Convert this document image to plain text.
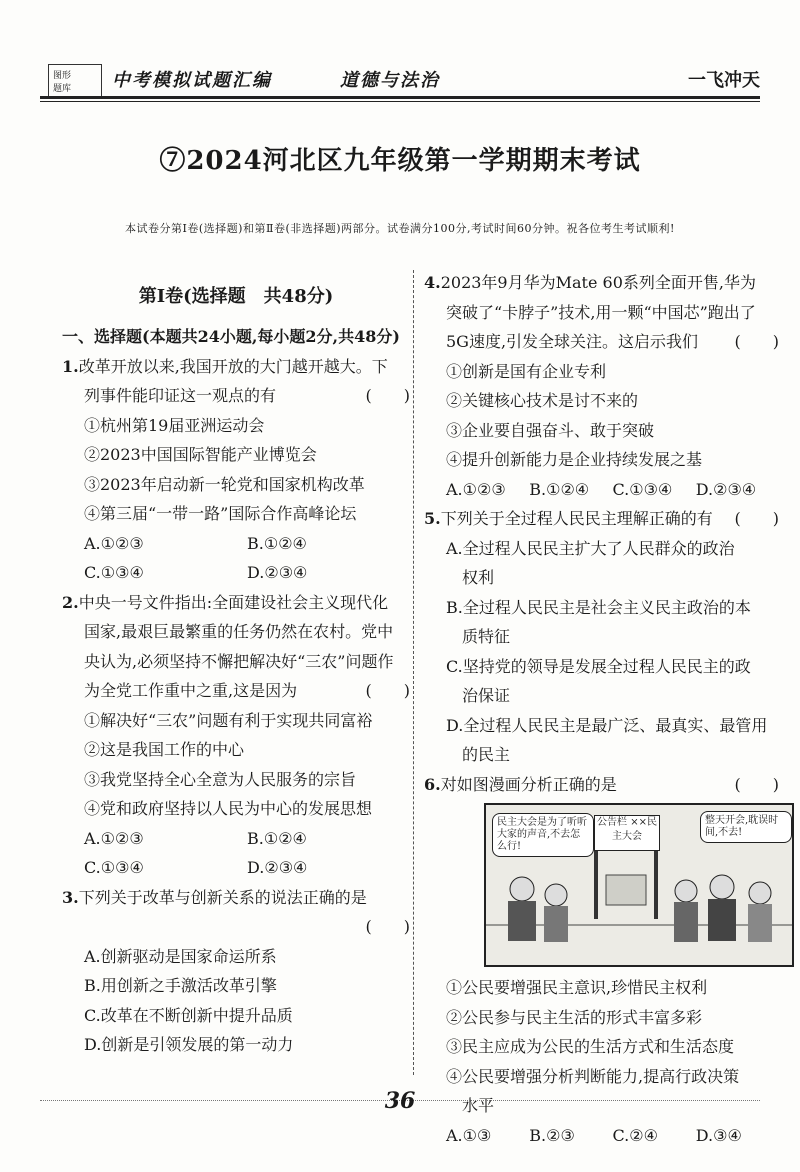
图形
题库 中考模拟试题汇编	道德与法治	一飞冲天
⑦2024河北区九年级第一学期期末考试
本试卷分第Ⅰ卷(选择题)和第Ⅱ卷(非选择题)两部分。试卷满分100分,考试时间60分钟。祝各位考生考试顺利!
第Ⅰ卷(选择题　共48分)
一、选择题(本题共24小题,每小题2分,共48分)
1.改革开放以来,我国开放的大门越开越大。下
列事件能印证这一观点的有	(　　)
①杭州第19届亚洲运动会
②2023中国国际智能产业博览会
③2023年启动新一轮党和国家机构改革
④第三届“一带一路”国际合作高峰论坛
A.①②③	B.①②④
C.①③④	D.②③④
2.中央一号文件指出:全面建设社会主义现代化
国家,最艰巨最繁重的任务仍然在农村。党中
央认为,必须坚持不懈把解决好“三农”问题作
为全党工作重中之重,这是因为	(　　)
①解决好“三农”问题有利于实现共同富裕
②这是我国工作的中心
③我党坚持全心全意为人民服务的宗旨
④党和政府坚持以人民为中心的发展思想
A.①②③	B.①②④
C.①③④	D.②③④
3.下列关于改革与创新关系的说法正确的是
(　　)
A.创新驱动是国家命运所系
B.用创新之手激活改革引擎
C.改革在不断创新中提升品质
D.创新是引领发展的第一动力
4.2023年9月华为Mate 60系列全面开售,华为
突破了“卡脖子”技术,用一颗“中国芯”跑出了
5G速度,引发全球关注。这启示我们 (　　)
①创新是国有企业专利
②关键核心技术是讨不来的
③企业要自强奋斗、敢于突破
④提升创新能力是企业持续发展之基
A.①②③	B.①②④	C.①③④	D.②③④
5.下列关于全过程人民民主理解正确的有 (　　)
A.全过程人民民主扩大了人民群众的政治
权利
B.全过程人民民主是社会主义民主政治的本
质特征
C.坚持党的领导是发展全过程人民民主的政
治保证
D.全过程人民民主是最广泛、最真实、最管用
的民主
6.对如图漫画分析正确的是	(　　)
民主大会是为了听听大家的声音,不去怎么行!
公告栏 ××民主大会
整天开会,耽误时间,不去!
①公民要增强民主意识,珍惜民主权利
②公民参与民主生活的形式丰富多彩
③民主应成为公民的生活方式和生活态度
④公民要增强分析判断能力,提高行政决策
水平
A.①③	B.②③	C.②④	D.③④
36
